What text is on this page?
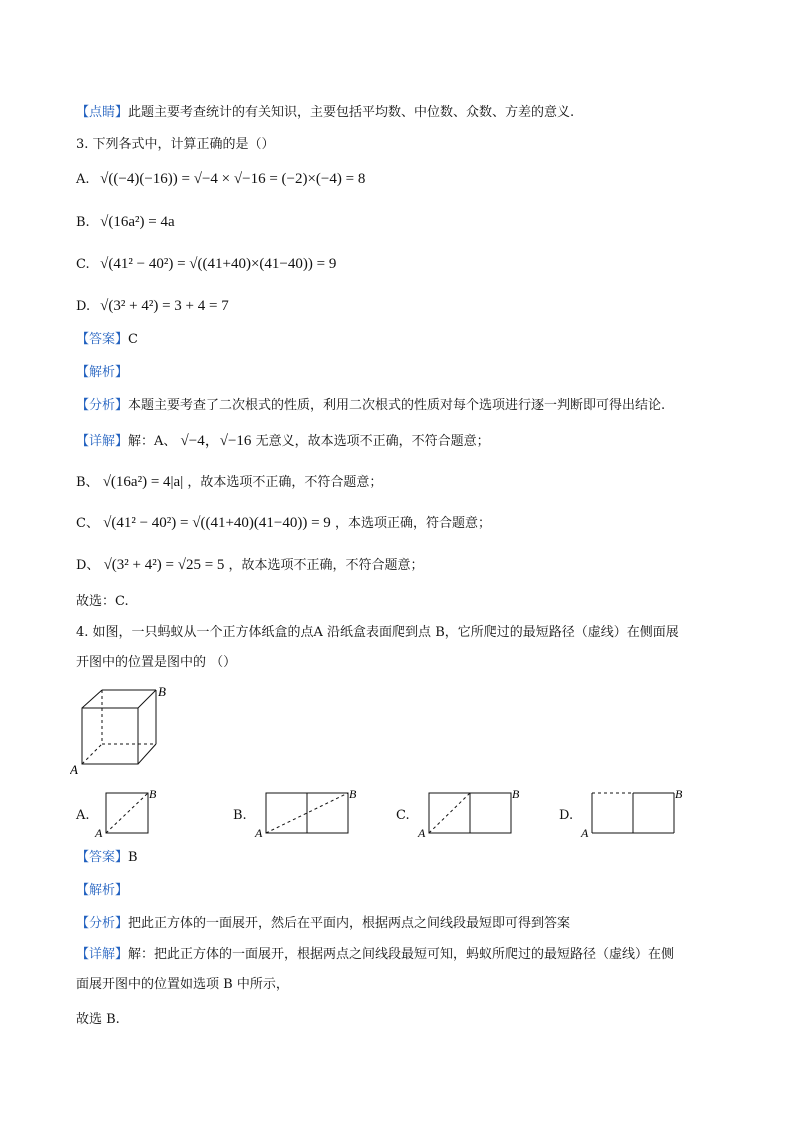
【点睛】此题主要考查统计的有关知识，主要包括平均数、中位数、众数、方差的意义.
3. 下列各式中，计算正确的是（）
A. √((−4)(−16)) = √−4 × √−16 = (−2)×(−4) = 8
B. √(16a²) = 4a
C. √(41² − 40²) = √((41+40)×(41−40)) = 9
D. √(3² + 4²) = 3 + 4 = 7
【答案】C
【解析】
【分析】本题主要考查了二次根式的性质，利用二次根式的性质对每个选项进行逐一判断即可得出结论.
【详解】解：A、 √−4，√−16 无意义，故本选项不正确，不符合题意；
B、 √(16a²) = 4|a| ，故本选项不正确，不符合题意；
C、 √(41² − 40²) = √((41+40)(41−40)) = 9 ，本选项正确，符合题意；
D、 √(3² + 4²) = √25 = 5 ，故本选项不正确，不符合题意；
故选：C.
4. 如图，一只蚂蚁从一个正方体纸盒的点A 沿纸盒表面爬到点 B，它所爬过的最短路径（虚线）在侧面展
开图中的位置是图中的 （）
A
B
A.
A
B
B.
A
B
C.
A
B
D.
A
B
【答案】B
【解析】
【分析】把此正方体的一面展开，然后在平面内，根据两点之间线段最短即可得到答案
【详解】解：把此正方体的一面展开，根据两点之间线段最短可知，蚂蚁所爬过的最短路径（虚线）在侧
面展开图中的位置如选项 B 中所示，
故选 B.
